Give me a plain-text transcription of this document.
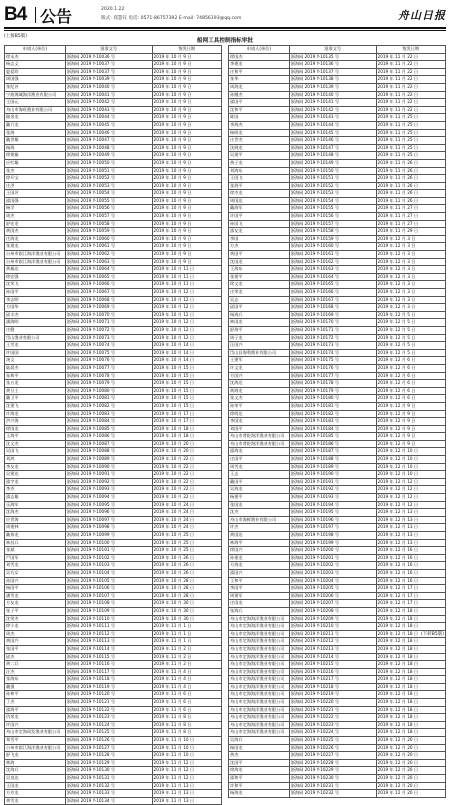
B4 公告	2020.1.22
版式: 郑慧钰 电话: 0571-86757392 E-mail: 74856193@qq.com	舟山日报
(上接B5版)
船网工具控制指标审批
申请人(单位)	批准文号	签发日期
徐永杰	浙海网 2019 Y-10036 号	2019 年 10 月 9 日
杨志义	浙海网 2019 Y-10037 号	2019 年 10 月 9 日
夏爱珍	浙海网 2019 Y-10037 号	2019 年 10 月 9 日
周国强	浙海网 2019 Y-10039 号	2019 年 10 月 9 日
张纪芳	浙海网 2019 Y-10040 号	2019 年 10 月 9 日
宁波海城海洋渔业有限公司	浙海网 2019 Y-10041 号	2019 年 10 月 9 日
王国元	浙海网 2019 Y-10042 号	2019 年 10 月 9 日
舟山市海旺渔业有限公司	浙海网 2019 Y-10043 号	2019 年 10 月 9 日
顾金龙	浙海网 2019 Y-10044 号	2019 年 10 月 9 日
戴行龙	浙海网 2019 Y-10045 号	2019 年 10 月 9 日
张海	浙海网 2019 Y-10046 号	2019 年 10 月 9 日
戴世雄	浙海网 2019 Y-10047 号	2019 年 10 月 9 日
杨海	浙海网 2019 Y-10048 号	2019 年 10 月 9 日
徐建雄	浙海网 2019 Y-10049 号	2019 年 10 月 9 日
应红雄	浙海网 2019 Y-10050 号	2019 年 10 月 9 日
张杰	浙海网 2019 Y-10051 号	2019 年 10 月 9 日
徐开宝	浙海网 2019 Y-10052 号	2019 年 10 月 9 日
庄洪	浙海网 2019 Y-10053 号	2019 年 10 月 9 日
王国芳	浙海网 2019 Y-10054 号	2019 年 10 月 9 日
邵国强	浙海网 2019 Y-10055 号	2019 年 10 月 9 日
杨学	浙海网 2019 Y-10056 号	2019 年 10 月 9 日
周杰	浙海网 2019 Y-10057 号	2019 年 10 月 9 日
舒宏龙	浙海网 2019 Y-10058 号	2019 年 10 月 9 日
黄国杰	浙海网 2019 Y-10059 号	2019 年 10 月 9 日
庄海龙	浙海网 2019 Y-10060 号	2019 年 10 月 9 日
张建龙	浙海网 2019 Y-10061 号	2019 年 10 月 9 日
台州市银江海洋渔业有限公司	浙海网 2019 Y-10062 号	2019 年 10 月 9 日
台州市银江海洋渔业有限公司	浙海网 2019 Y-10063 号	2019 年 10 月 9 日
黄雄达	浙海网 2019 Y-10064 号	2019 年 10 月 11 日
徐宏强	浙海网 2019 Y-10065 号	2019 年 10 月 11 日
沈荣飞	浙海网 2019 Y-10066 号	2019 年 10 月 11 日
孙国平	浙海网 2019 Y-10067 号	2019 年 10 月 12 日
李志明	浙海网 2019 Y-10068 号	2019 年 10 月 12 日
方国华	浙海网 2019 Y-10069 号	2019 年 10 月 12 日
邱丰杰	浙海网 2019 Y-10070 号	2019 年 10 月 12 日
潘海明	浙海网 2019 Y-10071 号	2019 年 10 月 12 日
庄健	浙海网 2019 Y-10072 号	2019 年 10 月 12 日
岱山渔业有限公司	浙海网 2019 Y-10073 号	2019 年 10 月 12 日
王雪龙	浙海网 2019 Y-10074 号	2019 年 10 月 14 日
许国国	浙海网 2019 Y-10075 号	2019 年 10 月 14 日
汤文	浙海网 2019 Y-10076 号	2019 年 10 月 14 日
陆晨杰	浙海网 2019 Y-10077 号	2019 年 10 月 15 日
朱和平	浙海网 2019 Y-10078 号	2019 年 10 月 15 日
张五龙	浙海网 2019 Y-10079 号	2019 年 10 月 15 日
黄旦土	浙海网 2019 Y-10080 号	2019 年 10 月 15 日
戴卫平	浙海网 2019 Y-10081 号	2019 年 10 月 15 日
沈建飞	浙海网 2019 Y-10082 号	2019 年 10 月 15 日
许海龙	浙海网 2019 Y-10083 号	2019 年 10 月 17 日
洪兴海	浙海网 2019 Y-10084 号	2019 年 10 月 17 日
徐国龙	浙海网 2019 Y-10085 号	2019 年 10 月 18 日
王海平	浙海网 2019 Y-10086 号	2019 年 10 月 18 日
沈文杰	浙海网 2019 Y-10087 号	2019 年 10 月 20 日
吴国飞	浙海网 2019 Y-10088 号	2019 年 10 月 20 日
刘鸿	浙海网 2019 Y-10089 号	2019 年 10 月 22 日
李友龙	浙海网 2019 Y-10090 号	2019 年 10 月 22 日
吴建达	浙海网 2019 Y-10091 号	2019 年 10 月 22 日
邵宇龙	浙海网 2019 Y-10092 号	2019 年 10 月 22 日
李杰	浙海网 2019 Y-10093 号	2019 年 10 月 22 日
邵志雄	浙海网 2019 Y-10094 号	2019 年 10 月 22 日
乐海军	浙海网 2019 Y-10095 号	2019 年 10 月 24 日
沈海杰	浙海网 2019 Y-10096 号	2019 年 10 月 24 日
应世海	浙海网 2019 Y-10097 号	2019 年 10 月 24 日
周建林	浙海网 2019 Y-10098 号	2019 年 10 月 24 日
戴伟龙	浙海网 2019 Y-10099 号	2019 年 10 月 25 日
林昌兵	浙海网 2019 Y-10100 号	2019 年 10 月 25 日
张斌	浙海网 2019 Y-10101 号	2019 年 10 月 25 日
严国军	浙海网 2019 Y-10102 号	2019 年 10 月 26 日
刘雪龙	浙海网 2019 Y-10103 号	2019 年 10 月 26 日
吴巧女	浙海网 2019 Y-10104 号	2019 年 10 月 26 日
孙国兴	浙海网 2019 Y-10105 号	2019 年 10 月 28 日
杨国平	浙海网 2019 Y-10106 号	2019 年 10 月 28 日
潘雪龙	浙海网 2019 Y-10107 号	2019 年 10 月 28 日
方友龙	浙海网 2019 Y-10108 号	2019 年 10 月 30 日
张子平	浙海网 2019 Y-10109 号	2019 年 10 月 30 日
沈荣杰	浙海网 2019 Y-10110 号	2019 年 10 月 30 日
徐小龙	浙海网 2019 Y-10111 号	2019 年 11 月 1 日
周杰	浙海网 2019 Y-10112 号	2019 年 11 月 1 日
黄国兴	浙海网 2019 Y-10113 号	2019 年 11 月 1 日
张国平	浙海网 2019 Y-10114 号	2019 年 11 月 2 日
邱杰	浙海网 2019 Y-10115 号	2019 年 11 月 2 日
黄二兵	浙海网 2019 Y-10116 号	2019 年 11 月 2 日
汪杰	浙海网 2019 Y-10117 号	2019 年 11 月 4 日
张海东	浙海网 2019 Y-10118 号	2019 年 11 月 4 日
戴强	浙海网 2019 Y-10119 号	2019 年 11 月 4 日
孙和平	浙海网 2019 Y-10120 号	2019 年 11 月 6 日
丁杰	浙海网 2019 Y-10121 号	2019 年 11 月 6 日
邵海平	浙海网 2019 Y-10122 号	2019 年 11 月 6 日
仇荣龙	浙海网 2019 Y-10123 号	2019 年 11 月 8 日
许国兴	浙海网 2019 Y-10124 号	2019 年 11 月 8 日
舟山市定海同发渔业有限公司	浙海网 2019 Y-10125 号	2019 年 11 月 8 日
郑雪平	浙海网 2019 Y-10126 号	2019 年 11 月 10 日
台州市银江海洋渔业有限公司	浙海网 2019 Y-10127 号	2019 年 11 月 10 日
舒飞龙	浙海网 2019 Y-10128 号	2019 年 11 月 10 日
林海	浙海网 2019 Y-10129 号	2019 年 11 月 12 日
沈海兵	浙海网 2019 Y-10130 号	2019 年 11 月 12 日
吴良达	浙海网 2019 Y-10131 号	2019 年 11 月 12 日
王国龙	浙海网 2019 Y-10132 号	2019 年 11 月 13 日
方芳龙	浙海网 2019 Y-10133 号	2019 年 11 月 13 日
黄雪龙	浙海网 2019 Y-10134 号	2019 年 11 月 13 日
申请人(单位)	批准文号	签发日期
徐国杰	浙海网 2019 Y-10135 号	2019 年 11 月 22 日
李建龙	浙海网 2019 Y-10136 号	2019 年 11 月 22 日
庄和平	浙海网 2019 Y-10137 号	2019 年 11 月 22 日
张华	浙海网 2019 Y-10138 号	2019 年 11 月 22 日
周海龙	浙海网 2019 Y-10139 号	2019 年 11 月 22 日
孙继杰	浙海网 2019 Y-10140 号	2019 年 11 月 22 日
邵国平	浙海网 2019 Y-10141 号	2019 年 11 月 22 日
沈和平	浙海网 2019 Y-10142 号	2019 年 11 月 22 日
陈国	浙海网 2019 Y-10143 号	2019 年 11 月 25 日
李海杰	浙海网 2019 Y-10144 号	2019 年 11 月 25 日
杨明龙	浙海网 2019 Y-10145 号	2019 年 11 月 25 日
庄世杰	浙海网 2019 Y-10146 号	2019 年 11 月 25 日
沈晓龙	浙海网 2019 Y-10147 号	2019 年 11 月 25 日
吴建平	浙海网 2019 Y-10148 号	2019 年 11 月 25 日
黄子龙	浙海网 2019 Y-10149 号	2019 年 11 月 26 日
刘海东	浙海网 2019 Y-10150 号	2019 年 11 月 26 日
王国飞	浙海网 2019 Y-10151 号	2019 年 11 月 26 日
张海平	浙海网 2019 Y-10152 号	2019 年 11 月 26 日
徐杰龙	浙海网 2019 Y-10153 号	2019 年 11 月 26 日
周国达	浙海网 2019 Y-10154 号	2019 年 11 月 26 日
戴海军	浙海网 2019 Y-10155 号	2019 年 11 月 27 日
许国平	浙海网 2019 Y-10156 号	2019 年 11 月 27 日
孙国飞	浙海网 2019 Y-10157 号	2019 年 11 月 27 日
邵友龙	浙海网 2019 Y-10158 号	2019 年 11 月 29 日
李国	浙海网 2019 Y-10159 号	2019 年 12 月 3 日
方杰	浙海网 2019 Y-10160 号	2019 年 12 月 3 日
黄国平	浙海网 2019 Y-10161 号	2019 年 12 月 3 日
沈国龙	浙海网 2019 Y-10162 号	2019 年 12 月 3 日
王海东	浙海网 2019 Y-10163 号	2019 年 12 月 3 日
张建平	浙海网 2019 Y-10164 号	2019 年 12 月 3 日
徐文龙	浙海网 2019 Y-10165 号	2019 年 12 月 3 日
庄荣龙	浙海网 2019 Y-10166 号	2019 年 12 月 3 日
吴志	浙海网 2019 Y-10167 号	2019 年 12 月 3 日
邱国平	浙海网 2019 Y-10168 号	2019 年 12 月 3 日
杨海兵	浙海网 2019 Y-10169 号	2019 年 12 月 5 日
林国龙	浙海网 2019 Y-10170 号	2019 年 12 月 5 日
舒海平	浙海网 2019 Y-10171 号	2019 年 12 月 5 日
周子龙	浙海网 2019 Y-10172 号	2019 年 12 月 5 日
汪国兴	浙海网 2019 Y-10173 号	2019 年 12 月 5 日
岱山县海利渔业有限公司	浙海网 2019 Y-10174 号	2019 年 12 月 5 日
王建军	浙海网 2019 Y-10175 号	2019 年 12 月 6 日
许文龙	浙海网 2019 Y-10176 号	2019 年 12 月 6 日
方国兴	浙海网 2019 Y-10177 号	2019 年 12 月 6 日
沈海达	浙海网 2019 Y-10178 号	2019 年 12 月 6 日
黄海龙	浙海网 2019 Y-10179 号	2019 年 12 月 6 日
张文杰	浙海网 2019 Y-10180 号	2019 年 12 月 6 日
孙荣平	浙海网 2019 Y-10181 号	2019 年 12 月 9 日
徐明达	浙海网 2019 Y-10182 号	2019 年 12 月 9 日
李国龙	浙海网 2019 Y-10183 号	2019 年 12 月 9 日
刘国平	浙海网 2019 Y-10184 号	2019 年 12 月 9 日
舟山市普陀海洋渔业有限公司	浙海网 2019 Y-10185 号	2019 年 12 月 9 日
舟山市普陀海洋渔业有限公司	浙海网 2019 Y-10186 号	2019 年 12 月 9 日
邵海龙	浙海网 2019 Y-10187 号	2019 年 12 月 10 日
庄国平	浙海网 2019 Y-10188 号	2019 年 12 月 10 日
周雪龙	浙海网 2019 Y-10189 号	2019 年 12 月 10 日
王志	浙海网 2019 Y-10190 号	2019 年 12 月 10 日
戴国平	浙海网 2019 Y-10191 号	2019 年 12 月 12 日
吴海龙	浙海网 2019 Y-10192 号	2019 年 12 月 12 日
杨建平	浙海网 2019 Y-10193 号	2019 年 12 月 12 日
张国龙	浙海网 2019 Y-10194 号	2019 年 12 月 12 日
沈杰	浙海网 2019 Y-10195 号	2019 年 12 月 13 日
舟山市海鲜渔业有限公司	浙海网 2019 Y-10196 号	2019 年 12 月 13 日
许杰	浙海网 2019 Y-10197 号	2019 年 12 月 13 日
黄国达	浙海网 2019 Y-10198 号	2019 年 12 月 13 日
林海平	浙海网 2019 Y-10199 号	2019 年 12 月 13 日
徐国兴	浙海网 2019 Y-10200 号	2019 年 12 月 16 日
孙建龙	浙海网 2019 Y-10201 号	2019 年 12 月 16 日
方海龙	浙海网 2019 Y-10202 号	2019 年 12 月 16 日
邵国兴	浙海网 2019 Y-10203 号	2019 年 12 月 16 日
王和平	浙海网 2019 Y-10204 号	2019 年 12 月 16 日
李国平	浙海网 2019 Y-10205 号	2019 年 12 月 17 日
周建军	浙海网 2019 Y-10206 号	2019 年 12 月 17 日
庄国龙	浙海网 2019 Y-10207 号	2019 年 12 月 17 日
张海兵	浙海网 2019 Y-10208 号	2019 年 12 月 18 日
舟山市定海海洋渔业有限公司	浙海网 2019 Y-10209 号	2019 年 12 月 18 日
舟山市定海海洋渔业有限公司	浙海网 2019 Y-10210 号	2019 年 12 月 18 日
舟山市定海海洋渔业有限公司	浙海网 2019 Y-10211 号	2019 年 12 月 18 日
舟山市定海海洋渔业有限公司	浙海网 2019 Y-10212 号	2019 年 12 月 18 日
舟山市定海海洋渔业有限公司	浙海网 2019 Y-10213 号	2019 年 12 月 18 日
舟山市定海海洋渔业有限公司	浙海网 2019 Y-10214 号	2019 年 12 月 18 日
舟山市定海海洋渔业有限公司	浙海网 2019 Y-10215 号	2019 年 12 月 18 日
舟山市定海海洋渔业有限公司	浙海网 2019 Y-10216 号	2019 年 12 月 18 日
舟山市定海海洋渔业有限公司	浙海网 2019 Y-10217 号	2019 年 12 月 18 日
舟山市定海海洋渔业有限公司	浙海网 2019 Y-10218 号	2019 年 12 月 18 日
舟山市定海海洋渔业有限公司	浙海网 2019 Y-10219 号	2019 年 12 月 18 日
舟山市定海海洋渔业有限公司	浙海网 2019 Y-10220 号	2019 年 12 月 18 日
舟山市定海海洋渔业有限公司	浙海网 2019 Y-10221 号	2019 年 12 月 18 日
舟山市定海海洋渔业有限公司	浙海网 2019 Y-10222 号	2019 年 12 月 18 日
舟山市定海海洋渔业有限公司	浙海网 2019 Y-10223 号	2019 年 12 月 18 日
舟山市定海海洋渔业有限公司	浙海网 2019 Y-10224 号	2019 年 12 月 18 日
吴海兵	浙海网 2019 Y-10225 号	2019 年 12 月 20 日
杨国龙	浙海网 2019 Y-10226 号	2019 年 12 月 20 日
黄杰	浙海网 2019 Y-10227 号	2019 年 12 月 20 日
沈国平	浙海网 2019 Y-10228 号	2019 年 12 月 20 日
徐海龙	浙海网 2019 Y-10229 号	2019 年 12 月 20 日
邵和平	浙海网 2019 Y-10230 号	2019 年 12 月 20 日
许和平	浙海网 2019 Y-10231 号	2019 年 12 月 20 日
杨海龙	浙海网 2019 Y-10232 号	2019 年 12 月 20 日
(下转B5版)
